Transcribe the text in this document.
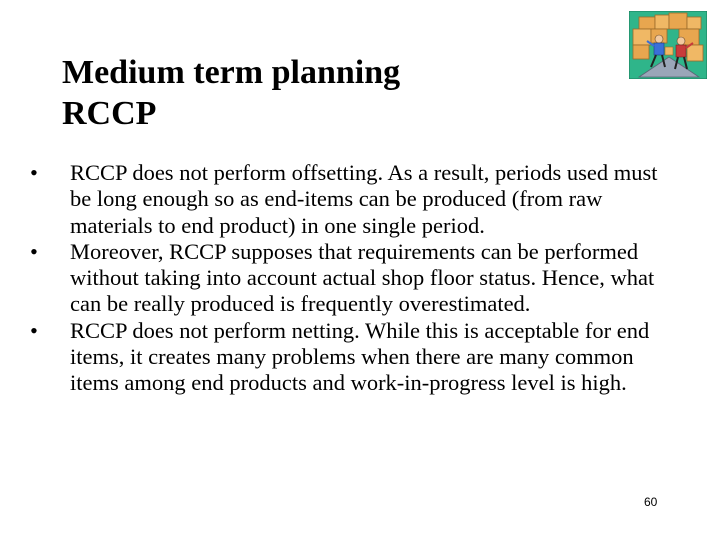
Medium term planning
RCCP
• RCCP does not perform offsetting. As a result, periods used must be long enough so as end-items can be produced (from raw materials to end product) in one single period.
• Moreover, RCCP supposes that requirements can be performed without taking into account actual shop floor status. Hence, what can be really produced is frequently overestimated.
• RCCP does not perform netting. While this is acceptable for end items, it creates many problems when there are many common items among end products and work-in-progress level is high.
60
